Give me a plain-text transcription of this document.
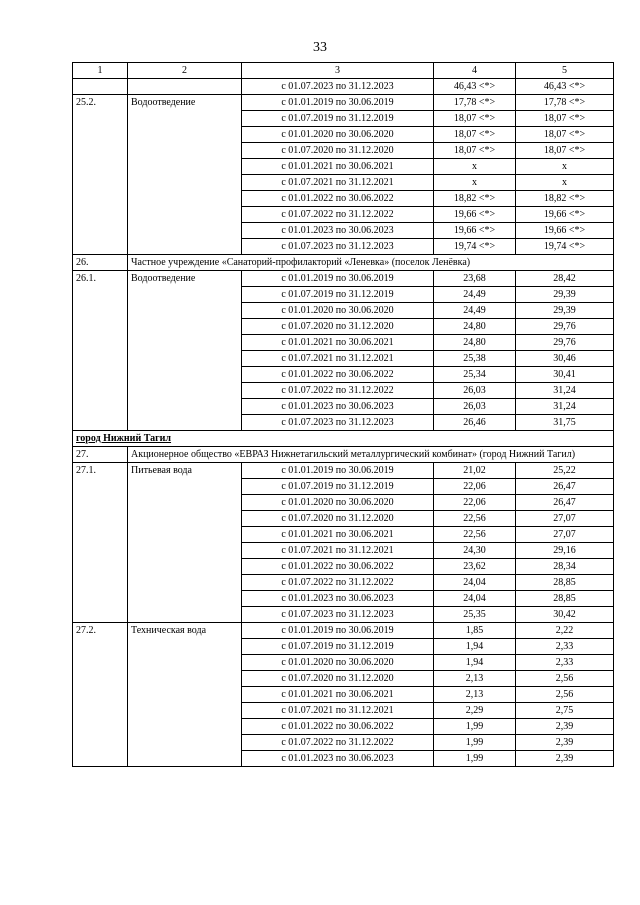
33
1	2	3	4	5
		с 01.07.2023 по 31.12.2023	46,43 <*>	46,43 <*>
25.2.	Водоотведение	с 01.01.2019 по 30.06.2019	17,78 <*>	17,78 <*>
		с 01.07.2019 по 31.12.2019	18,07 <*>	18,07 <*>
		с 01.01.2020 по 30.06.2020	18,07 <*>	18,07 <*>
		с 01.07.2020 по 31.12.2020	18,07 <*>	18,07 <*>
		с 01.01.2021 по 30.06.2021	х	х
		с 01.07.2021 по 31.12.2021	х	х
		с 01.01.2022 по 30.06.2022	18,82 <*>	18,82 <*>
		с 01.07.2022 по 31.12.2022	19,66 <*>	19,66 <*>
		с 01.01.2023 по 30.06.2023	19,66 <*>	19,66 <*>
		с 01.07.2023 по 31.12.2023	19,74 <*>	19,74 <*>
26.	Частное учреждение «Санаторий-профилакторий «Леневка» (поселок Ленёвка)			
26.1.	Водоотведение	с 01.01.2019 по 30.06.2019	23,68	28,42
		с 01.07.2019 по 31.12.2019	24,49	29,39
		с 01.01.2020 по 30.06.2020	24,49	29,39
		с 01.07.2020 по 31.12.2020	24,80	29,76
		с 01.01.2021 по 30.06.2021	24,80	29,76
		с 01.07.2021 по 31.12.2021	25,38	30,46
		с 01.01.2022 по 30.06.2022	25,34	30,41
		с 01.07.2022 по 31.12.2022	26,03	31,24
		с 01.01.2023 по 30.06.2023	26,03	31,24
		с 01.07.2023 по 31.12.2023	26,46	31,75
город Нижний Тагил				
27.	Акционерное общество «ЕВРАЗ Нижнетагильский металлургический комбинат» (город Нижний Тагил)			
27.1.	Питьевая вода	с 01.01.2019 по 30.06.2019	21,02	25,22
		с 01.07.2019 по 31.12.2019	22,06	26,47
		с 01.01.2020 по 30.06.2020	22,06	26,47
		с 01.07.2020 по 31.12.2020	22,56	27,07
		с 01.01.2021 по 30.06.2021	22,56	27,07
		с 01.07.2021 по 31.12.2021	24,30	29,16
		с 01.01.2022 по 30.06.2022	23,62	28,34
		с 01.07.2022 по 31.12.2022	24,04	28,85
		с 01.01.2023 по 30.06.2023	24,04	28,85
		с 01.07.2023 по 31.12.2023	25,35	30,42
27.2.	Техническая вода	с 01.01.2019 по 30.06.2019	1,85	2,22
		с 01.07.2019 по 31.12.2019	1,94	2,33
		с 01.01.2020 по 30.06.2020	1,94	2,33
		с 01.07.2020 по 31.12.2020	2,13	2,56
		с 01.01.2021 по 30.06.2021	2,13	2,56
		с 01.07.2021 по 31.12.2021	2,29	2,75
		с 01.01.2022 по 30.06.2022	1,99	2,39
		с 01.07.2022 по 31.12.2022	1,99	2,39
		с 01.01.2023 по 30.06.2023	1,99	2,39
